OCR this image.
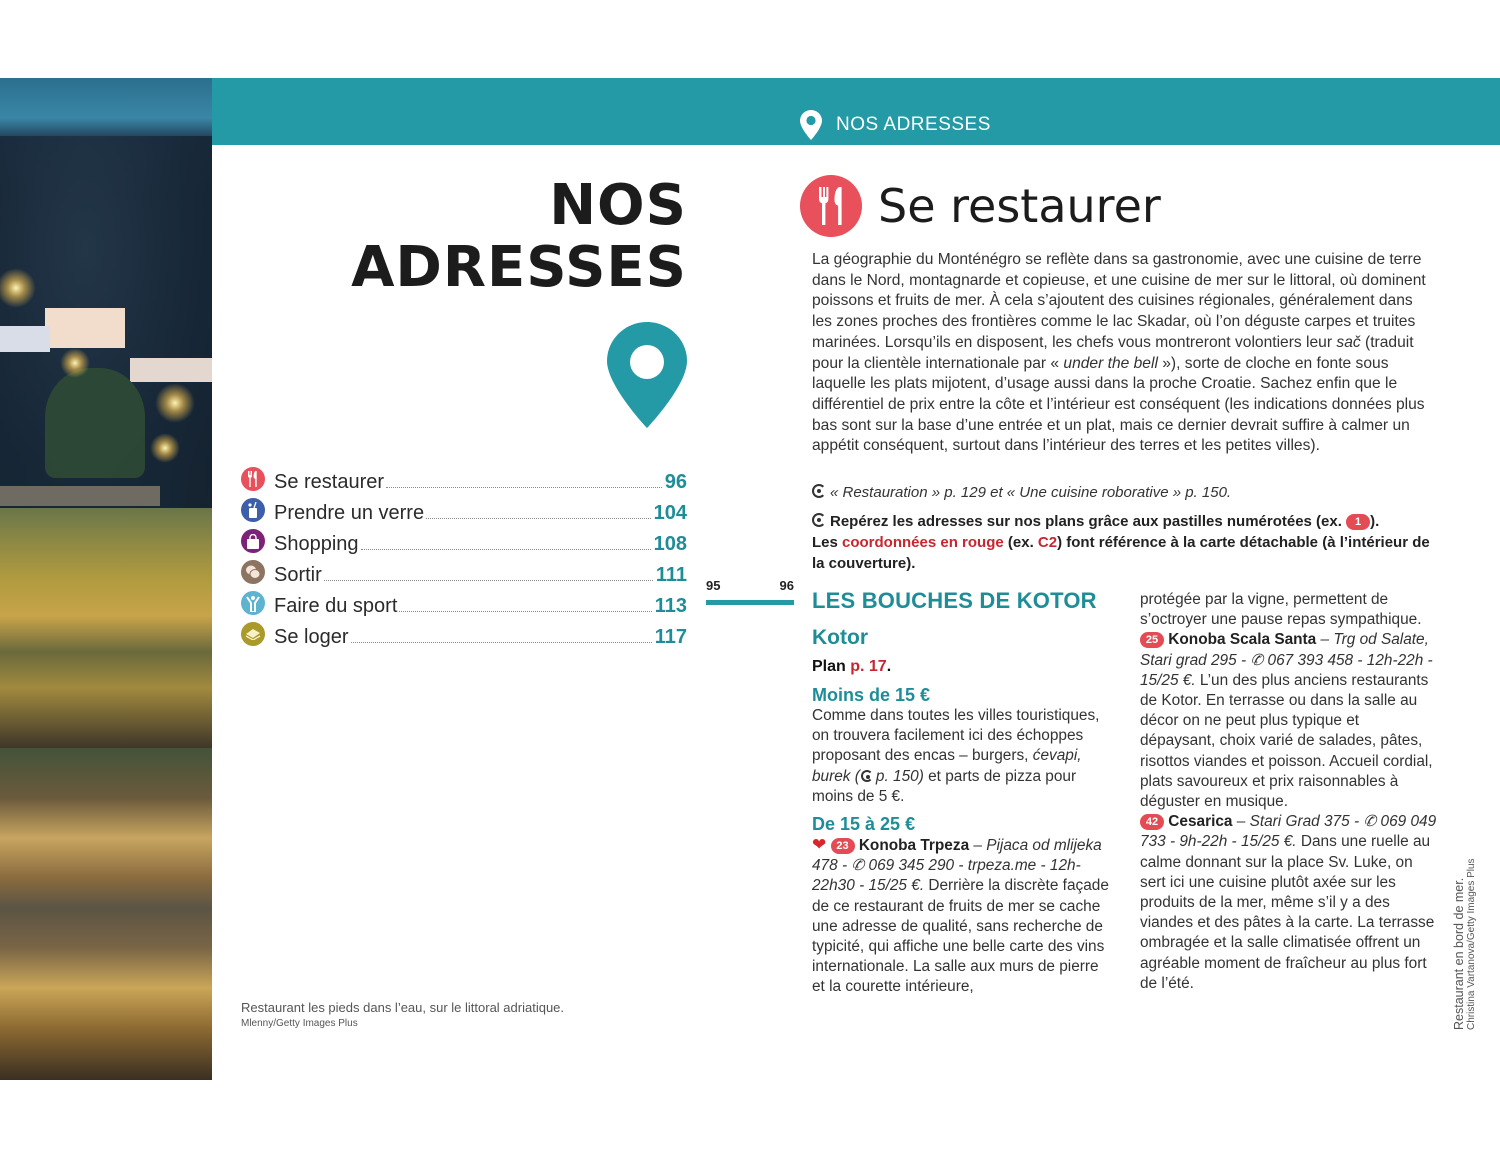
NOS ADRESSES
NOS
ADRESSES
Se restaurer	96
Prendre un verre	104
Shopping	108
Sortir	111
Faire du sport	113
Se loger	117
Restaurant les pieds dans l’eau, sur le littoral adriatique.
Mlenny/Getty Images Plus
95	96
Se restaurer
La géographie du Monténégro se reflète dans sa gastronomie, avec une cuisine de terre dans le Nord, montagnarde et copieuse, et une cuisine de mer sur le littoral, où dominent poissons et fruits de mer. À cela s’ajoutent des cuisines régionales, généralement dans les zones proches des frontières comme le lac Skadar, où l’on déguste carpes et truites marinées. Lorsqu’ils en disposent, les chefs vous montreront volontiers leur sač (traduit pour la clientèle internationale par « under the bell »), sorte de cloche en fonte sous laquelle les plats mijotent, d’usage aussi dans la proche Croatie. Sachez enfin que le différentiel de prix entre la côte et l’intérieur est conséquent (les indications données plus bas sont sur la base d’une entrée et un plat, mais ce dernier devrait suffire à calmer un appétit conséquent, surtout dans l’intérieur des terres et les petites villes).
« Restauration » p. 129 et « Une cuisine roborative » p. 150.
Repérez les adresses sur nos plans grâce aux pastilles numérotées (ex. 1 ).
Les coordonnées en rouge (ex. C2) font référence à la carte détachable (à l’intérieur de la couverture).
LES BOUCHES DE KOTOR
Kotor
Plan p. 17.
Moins de 15 €
Comme dans toutes les villes touristiques, on trouvera facilement ici des échoppes proposant des encas – burgers, ćevapi, burek ( p. 150) et parts de pizza pour moins de 5 €.
De 15 à 25 €
❤ 23 Konoba Trpeza – Pijaca od mlijeka 478 - ✆ 069 345 290 - trpeza.me - 12h-22h30 - 15/25 €. Derrière la discrète façade de ce restaurant de fruits de mer se cache une adresse de qualité, sans recherche de typicité, qui affiche une belle carte des vins internationale. La salle aux murs de pierre et la courette intérieure,
protégée par la vigne, permettent de s’octroyer une pause repas sympathique.
25 Konoba Scala Santa – Trg od Salate, Stari grad 295 - ✆ 067 393 458 - 12h-22h - 15/25 €. L’un des plus anciens restaurants de Kotor. En terrasse ou dans la salle au décor on ne peut plus typique et dépaysant, choix varié de salades, pâtes, risottos viandes et poisson. Accueil cordial, plats savoureux et prix raisonnables à déguster en musique.
42 Cesarica – Stari Grad 375 - ✆ 069 049 733 - 9h-22h - 15/25 €. Dans une ruelle au calme donnant sur la place Sv. Luke, on sert ici une cuisine plutôt axée sur les produits de la mer, même s’il y a des viandes et des pâtes à la carte. La terrasse ombragée et la salle climatisée offrent un agréable moment de fraîcheur au plus fort de l’été.	Restaurant en bord de mer. Christina Vartanova/Getty Images Plus
